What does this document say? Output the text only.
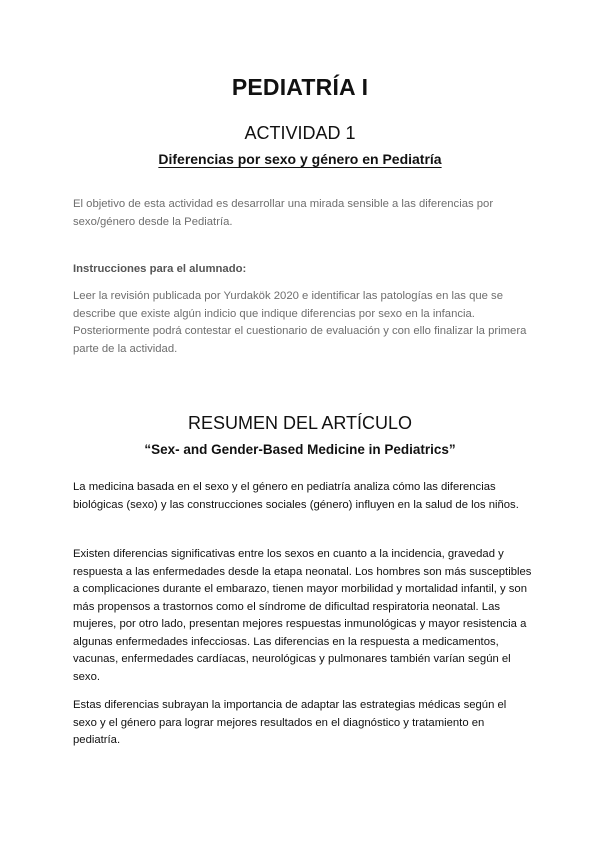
PEDIATRÍA I
ACTIVIDAD 1
Diferencias por sexo y género en Pediatría
El objetivo de esta actividad es desarrollar una mirada sensible a las diferencias por sexo/género desde la Pediatría.
Instrucciones para el alumnado:
Leer la revisión publicada por Yurdakök 2020 e identificar las patologías en las que se describe que existe algún indicio que indique diferencias por sexo en la infancia. Posteriormente podrá contestar el cuestionario de evaluación y con ello finalizar la primera parte de la actividad.
RESUMEN DEL ARTÍCULO
“Sex- and Gender-Based Medicine in Pediatrics”

La medicina basada en el sexo y el género en pediatría analiza cómo las diferencias biológicas (sexo) y las construcciones sociales (género) influyen en la salud de los niños.

Existen diferencias significativas entre los sexos en cuanto a la incidencia, gravedad y respuesta a las enfermedades desde la etapa neonatal. Los hombres son más susceptibles a complicaciones durante el embarazo, tienen mayor morbilidad y mortalidad infantil, y son más propensos a trastornos como el síndrome de dificultad respiratoria neonatal. Las mujeres, por otro lado, presentan mejores respuestas inmunológicas y mayor resistencia a algunas enfermedades infecciosas. Las diferencias en la respuesta a medicamentos, vacunas, enfermedades cardíacas, neurológicas y pulmonares también varían según el sexo.

Estas diferencias subrayan la importancia de adaptar las estrategias médicas según el sexo y el género para lograr mejores resultados en el diagnóstico y tratamiento en pediatría.
